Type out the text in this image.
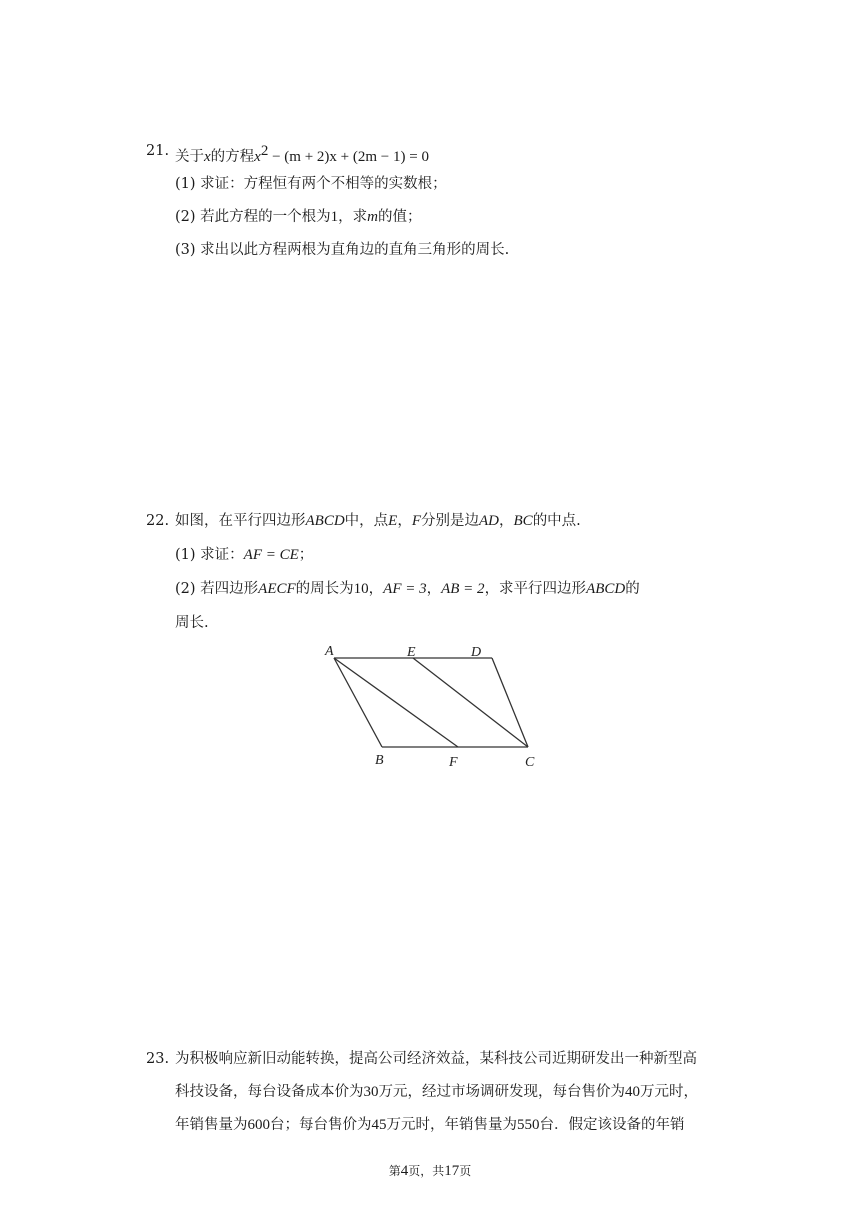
21. 关于x的方程$x^2 - (m + 2)x + (2m - 1) = 0$
(1) 求证：方程恒有两个不相等的实数根；
(2) 若此方程的一个根为1，求m的值；
(3) 求出以此方程两根为直角边的直角三角形的周长.
22. 如图，在平行四边形ABCD中，点E，F分别是边AD，BC的中点.
(1) 求证：AF = CE；
(2) 若四边形AECF的周长为10，AF = 3，AB = 2，求平行四边形ABCD的
周长.
A	E	D
B	F	C
23. 为积极响应新旧动能转换，提高公司经济效益，某科技公司近期研发出一种新型高
科技设备，每台设备成本价为30万元，经过市场调研发现，每台售价为40万元时，
年销售量为600台；每台售价为45万元时，年销售量为550台．假定该设备的年销
第4页，共17页
